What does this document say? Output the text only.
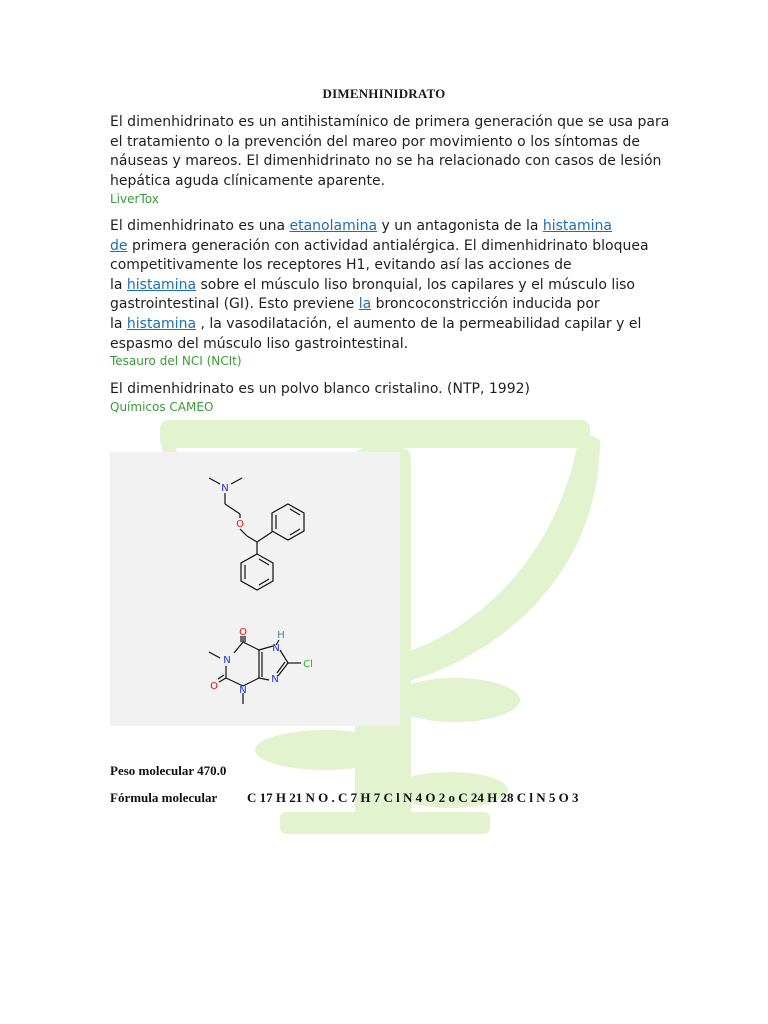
DIMENHINIDRATO
El dimenhidrinato es un antihistamínico de primera generación que se usa para
el tratamiento o la prevención del mareo por movimiento o los síntomas de
náuseas y mareos. El dimenhidrinato no se ha relacionado con casos de lesión
hepática aguda clínicamente aparente.
LiverTox
El dimenhidrinato es una etanolamina y un antagonista de la histamina
de primera generación con actividad antialérgica. El dimenhidrinato bloquea
competitivamente los receptores H1, evitando así las acciones de
la histamina sobre el músculo liso bronquial, los capilares y el músculo liso
gastrointestinal (GI). Esto previene la broncoconstricción inducida por
la histamina , la vasodilatación, el aumento de la permeabilidad capilar y el
espasmo del músculo liso gastrointestinal.
Tesauro del NCI (NCIt)
El dimenhidrinato es un polvo blanco cristalino. (NTP, 1992)
Químicos CAMEO
N
O
O
O
N
N
N
N
H
Cl
Peso molecular 470.0
Fórmula molecular C 17 H 21 N O . C 7 H 7 C l N 4 O 2 o C 24 H 28 C l N 5 O 3
